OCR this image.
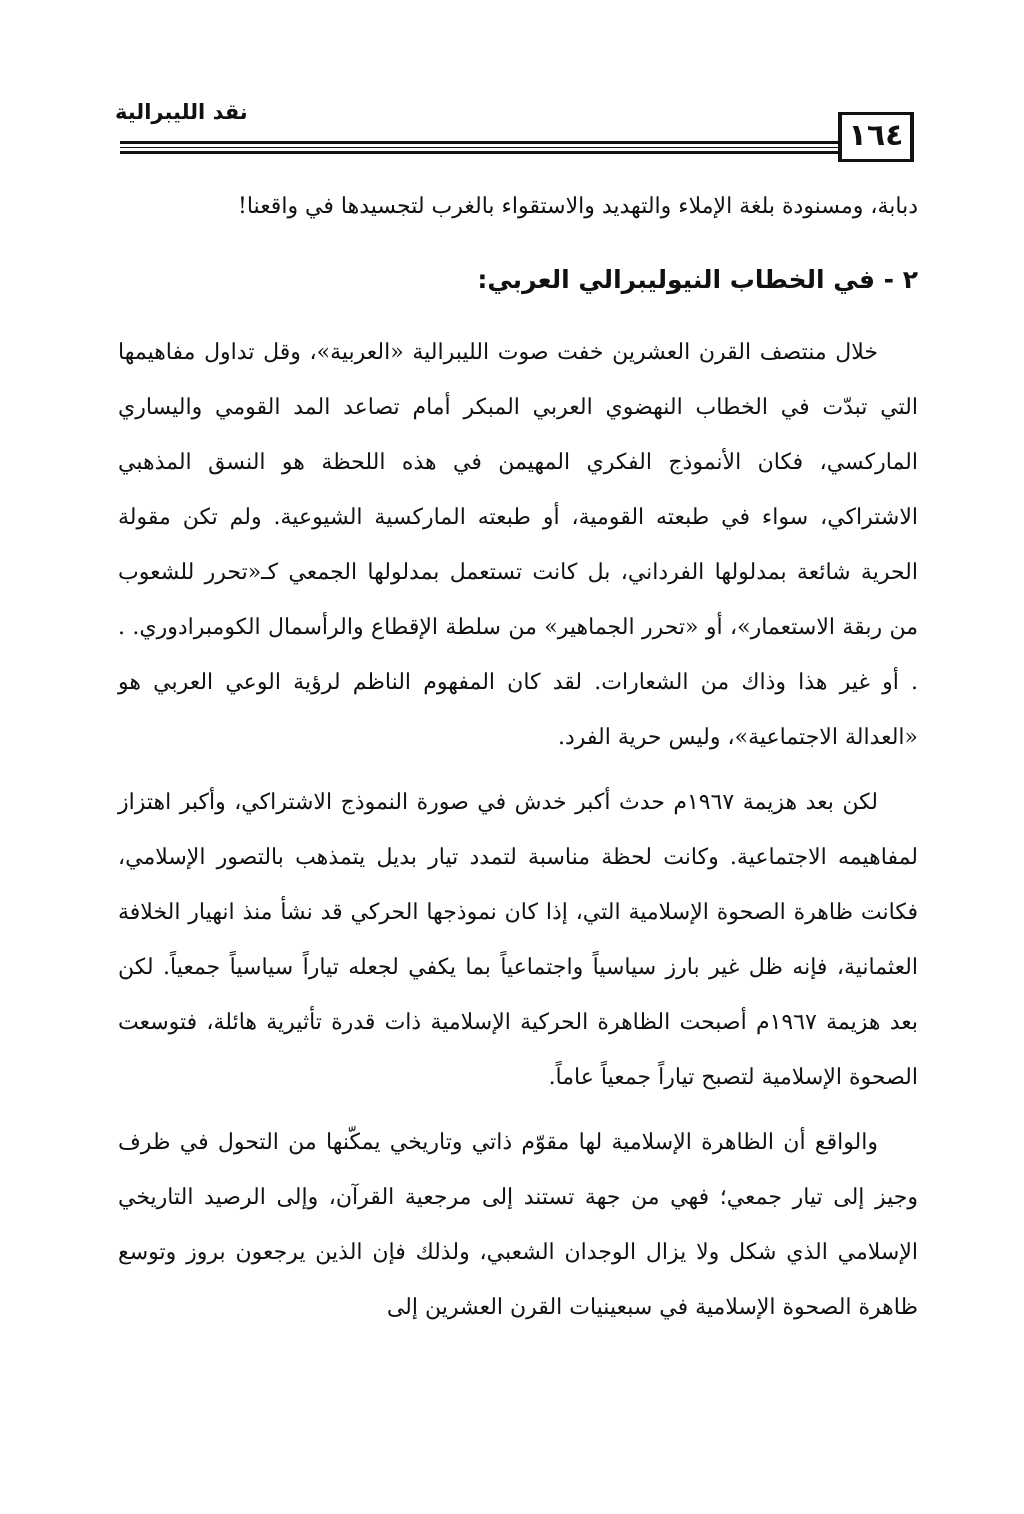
نقد الليبرالية
١٦٤
دبابة، ومسنودة بلغة الإملاء والتهديد والاستقواء بالغرب لتجسيدها في واقعنا!
٢ - في الخطاب النيوليبرالي العربي:

خلال منتصف القرن العشرين خفت صوت الليبرالية «العربية»، وقل تداول مفاهيمها التي تبدّت في الخطاب النهضوي العربي المبكر أمام تصاعد المد القومي واليساري الماركسي، فكان الأنموذج الفكري المهيمن في هذه اللحظة هو النسق المذهبي الاشتراكي، سواء في طبعته القومية، أو طبعته الماركسية الشيوعية. ولم تكن مقولة الحرية شائعة بمدلولها الفرداني، بل كانت تستعمل بمدلولها الجمعي كـ«تحرر للشعوب من ربقة الاستعمار»، أو «تحرر الجماهير» من سلطة الإقطاع والرأسمال الكومبرادوري. . . أو غير هذا وذاك من الشعارات. لقد كان المفهوم الناظم لرؤية الوعي العربي هو «العدالة الاجتماعية»، وليس حرية الفرد.

لكن بعد هزيمة ١٩٦٧م حدث أكبر خدش في صورة النموذج الاشتراكي، وأكبر اهتزاز لمفاهيمه الاجتماعية. وكانت لحظة مناسبة لتمدد تيار بديل يتمذهب بالتصور الإسلامي، فكانت ظاهرة الصحوة الإسلامية التي، إذا كان نموذجها الحركي قد نشأ منذ انهيار الخلافة العثمانية، فإنه ظل غير بارز سياسياً واجتماعياً بما يكفي لجعله تياراً سياسياً جمعياً. لكن بعد هزيمة ١٩٦٧م أصبحت الظاهرة الحركية الإسلامية ذات قدرة تأثيرية هائلة، فتوسعت الصحوة الإسلامية لتصبح تياراً جمعياً عاماً.

والواقع أن الظاهرة الإسلامية لها مقوّم ذاتي وتاريخي يمكّنها من التحول في ظرف وجيز إلى تيار جمعي؛ فهي من جهة تستند إلى مرجعية القرآن، وإلى الرصيد التاريخي الإسلامي الذي شكل ولا يزال الوجدان الشعبي، ولذلك فإن الذين يرجعون بروز وتوسع ظاهرة الصحوة الإسلامية في سبعينيات القرن العشرين إلى
